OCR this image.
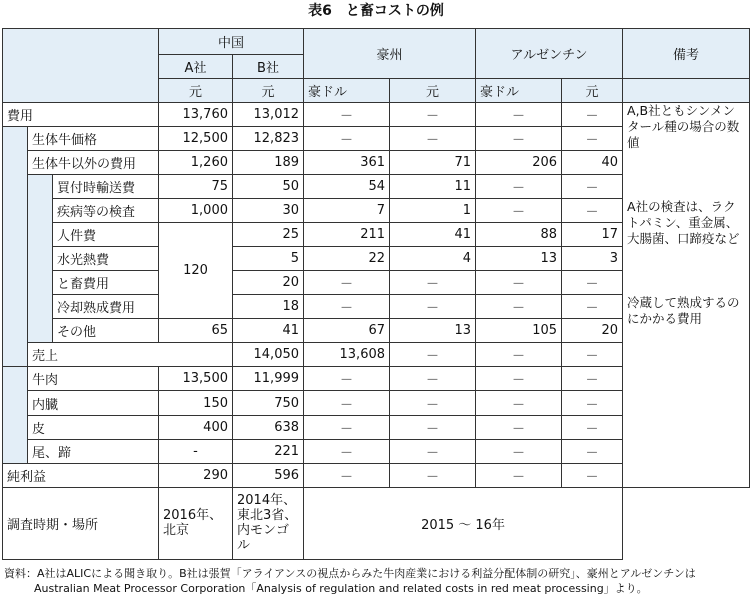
表6　と畜コストの例
			中国		豪州		アルゼンチン		備考	
			A社	B社						
			元	元	豪ドル	元	豪ドル	元		
費用			13,760	13,012	－	－	－	－	A,B社ともシンメンタール種の場合の数値	
	生体牛価格		12,500	12,823	－	－	－	－		
	生体牛以外の費用		1,260	189	361	71	206	40		
		買付時輸送費	75	50	54	11	－	－		
		疾病等の検査	1,000	30	7	1	－	－	A社の検査は、ラクトパミン、重金属、大腸菌、口蹄疫など	
		人件費	120	25	211	41	88	17		
		水光熱費		5	22	4	13	3		
		と畜費用		20	－	－	－	－		
		冷却熟成費用		18	－	－	－	－	冷蔵して熟成するのにかかる費用	
		その他	65	41	67	13	105	20		
	売上			14,050	13,608	－	－	－	
	牛肉		13,500	11,999	－	－	－	－		
	内臓		150	750	－	－	－	－		
	皮		400	638	－	－	－	－		
	尾、蹄		-	221	－	－	－	－		
純利益			290	596	－	－	－	－		
調査時期・場所			2016年、北京	2014年、東北3省、内モンゴル	2015 ～ 16年					
資料：A社はALICによる聞き取り。B社は張賀「アライアンスの視点からみた牛肉産業における利益分配体制の研究」、豪州とアルゼンチンは
Australian Meat Processor Corporation「Analysis of regulation and related costs in red meat processing」より。
